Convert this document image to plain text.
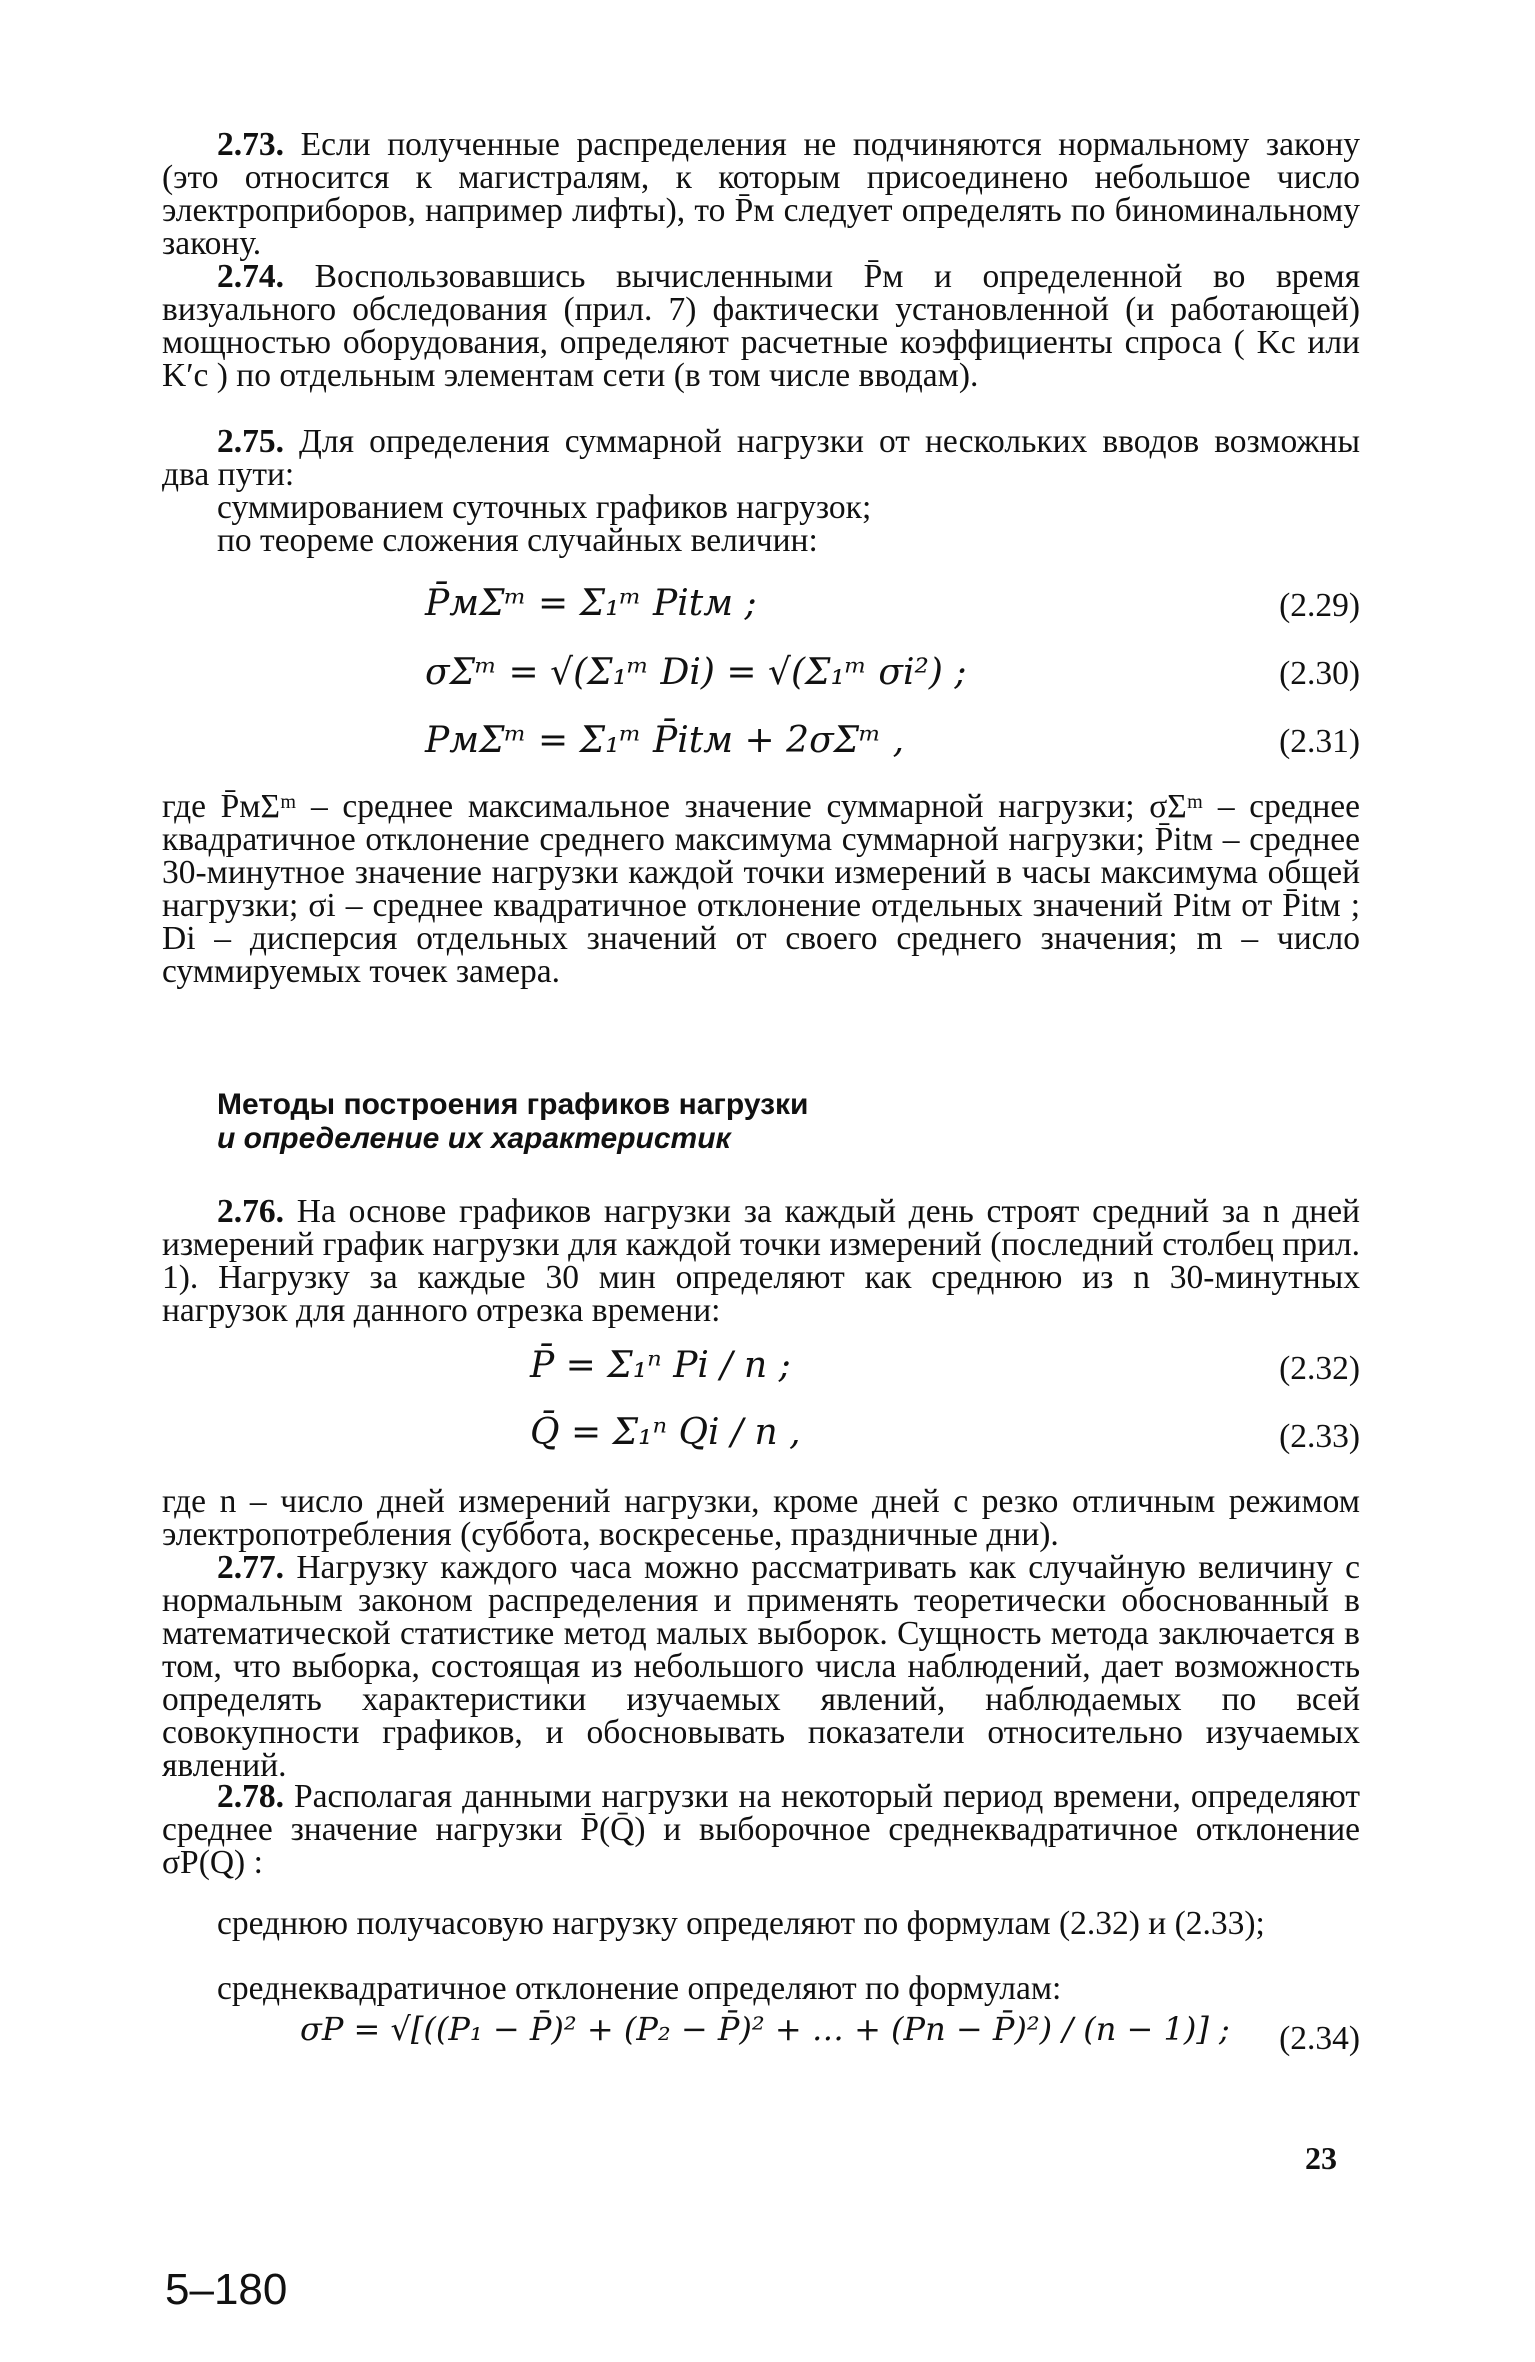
2.73. Если полученные распределения не подчиняются нормальному закону (это относится к магистралям, к которым присоединено небольшое число электроприборов, например лифты), то P̄м следует определять по биноминальному закону.

2.74. Воспользовавшись вычисленными P̄м и определенной во время визуального обследования (прил. 7) фактически установленной (и работающей) мощностью оборудования, определяют расчетные коэффициенты спроса ( Kс или K′с ) по отдельным элементам сети (в том числе вводам).

2.75. Для определения суммарной нагрузки от нескольких вводов возможны два пути:

суммированием суточных графиков нагрузок;
по теореме сложения случайных величин:
P̄мΣᵐ = Σ₁ᵐ Pitм ;	(2.29)
σΣᵐ = √(Σ₁ᵐ Di) = √(Σ₁ᵐ σi²) ;	(2.30)
PмΣᵐ = Σ₁ᵐ P̄itм + 2σΣᵐ ,	(2.31)

где P̄мΣᵐ – среднее максимальное значение суммарной нагрузки; σΣᵐ – среднее квадратичное отклонение среднего максимума суммарной нагрузки; P̄itм – среднее 30-минутное значение нагрузки каждой точки измерений в часы максимума общей нагрузки; σi – среднее квадратичное отклонение отдельных значений Pitм от P̄itм ; Di – дисперсия отдельных значений от своего среднего значения; m – число суммируемых точек замера.

Методы построения графиков нагрузки
и определение их характеристик

2.76. На основе графиков нагрузки за каждый день строят средний за n дней измерений график нагрузки для каждой точки измерений (последний столбец прил. 1). Нагрузку за каждые 30 мин определяют как среднюю из n 30-минутных нагрузок для данного отрезка времени:

P̄ = Σ₁ⁿ Pi / n ;	(2.32)
Q̄ = Σ₁ⁿ Qi / n ,	(2.33)

где n – число дней измерений нагрузки, кроме дней с резко отличным режимом электропотребления (суббота, воскресенье, праздничные дни).

2.77. Нагрузку каждого часа можно рассматривать как случайную величину с нормальным законом распределения и применять теоретически обоснованный в математической статистике метод малых выборок. Сущность метода заключается в том, что выборка, состоящая из небольшого числа наблюдений, дает возможность определять характеристики изучаемых явлений, наблюдаемых по всей совокупности графиков, и обосновывать показатели относительно изучаемых явлений.

2.78. Располагая данными нагрузки на некоторый период времени, определяют среднее значение нагрузки P̄(Q̄) и выборочное среднеквадратичное отклонение σP(Q) :

среднюю получасовую нагрузку определяют по формулам (2.32) и (2.33);

среднеквадратичное отклонение определяют по формулам:

σP = √[((P₁ − P̄)² + (P₂ − P̄)² + … + (Pn − P̄)²) / (n − 1)] ; (2.34)
23
5–180
